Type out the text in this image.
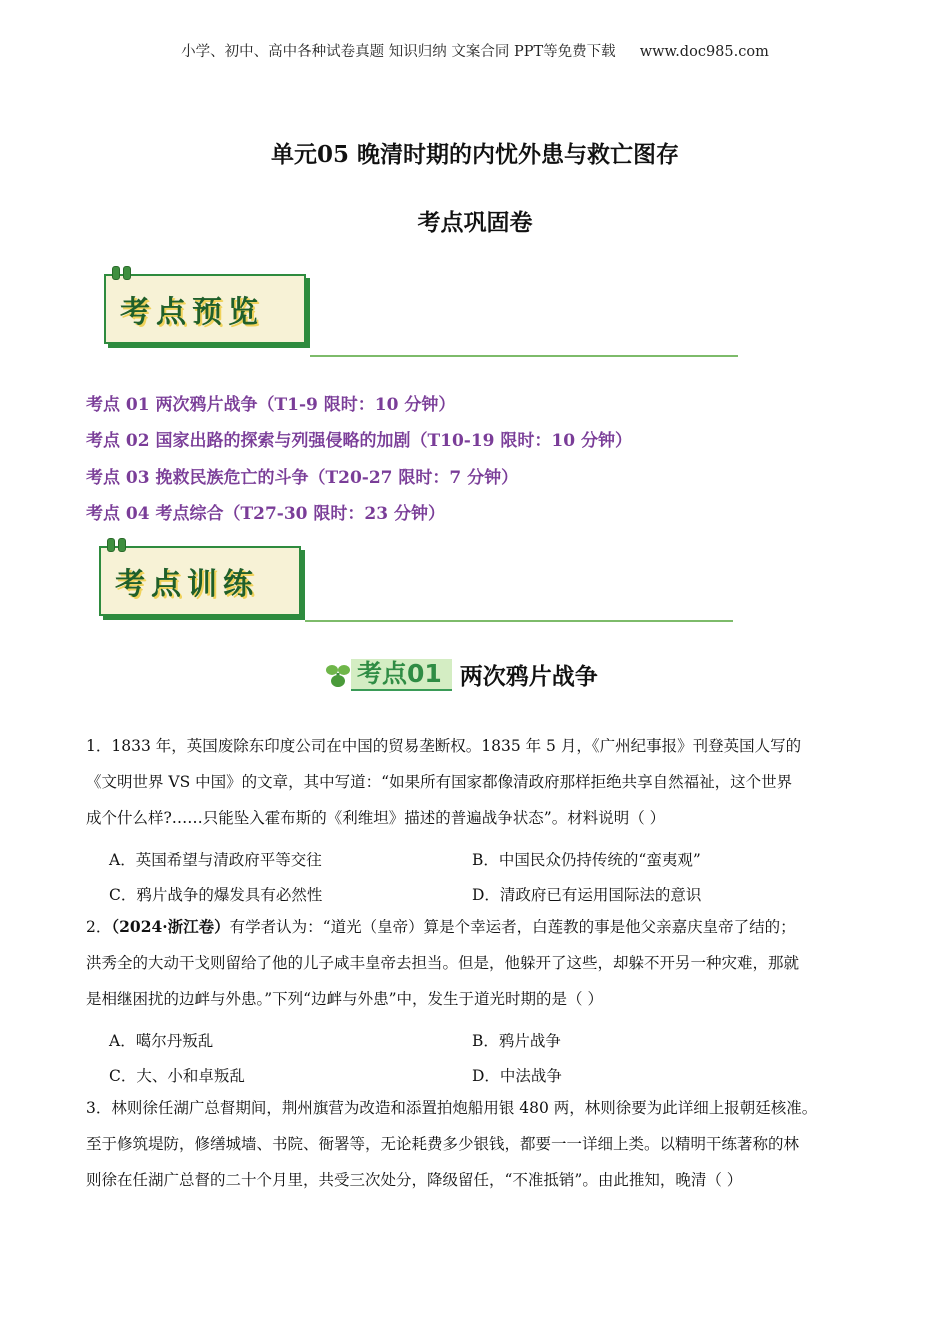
小学、初中、高中各种试卷真题 知识归纳 文案合同 PPT等免费下载 www.doc985.com
单元05 晚清时期的内忧外患与救亡图存
考点巩固卷
考点预览
考点 01 两次鸦片战争（T1-9 限时：10 分钟）
考点 02 国家出路的探索与列强侵略的加剧（T10-19 限时：10 分钟）
考点 03 挽救民族危亡的斗争（T20-27 限时：7 分钟）
考点 04 考点综合（T27-30 限时：23 分钟）
考点训练
考点01 两次鸦片战争
1．1833 年，英国废除东印度公司在中国的贸易垄断权。1835 年 5 月，《广州纪事报》刊登英国人写的
《文明世界 VS 中国》的文章，其中写道：“如果所有国家都像清政府那样拒绝共享自然福祉，这个世界
成个什么样?……只能坠入霍布斯的《利维坦》描述的普遍战争状态”。材料说明（ ）
A．英国希望与清政府平等交往	B．中国民众仍持传统的“蛮夷观”
C．鸦片战争的爆发具有必然性	D．清政府已有运用国际法的意识
2．（2024·浙江卷）有学者认为：“道光（皇帝）算是个幸运者，白莲教的事是他父亲嘉庆皇帝了结的；
洪秀全的大动干戈则留给了他的儿子咸丰皇帝去担当。但是，他躲开了这些，却躲不开另一种灾难，那就
是相继困扰的边衅与外患。”下列“边衅与外患”中，发生于道光时期的是（ ）
A．噶尔丹叛乱	B．鸦片战争
C．大、小和卓叛乱	D．中法战争
3．林则徐任湖广总督期间，荆州旗营为改造和添置拍炮船用银 480 两，林则徐要为此详细上报朝廷核准。
至于修筑堤防，修缮城墙、书院、衙署等，无论耗费多少银钱，都要一一详细上类。以精明干练著称的林
则徐在任湖广总督的二十个月里，共受三次处分，降级留任，“不准抵销”。由此推知，晚清（ ）
